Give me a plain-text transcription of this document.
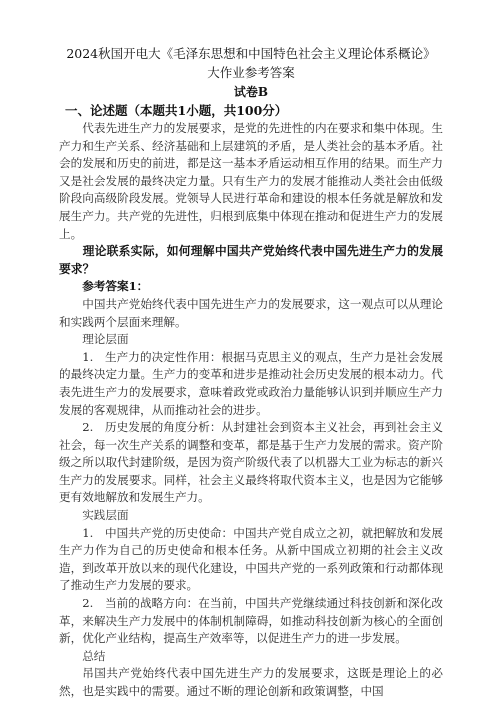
2024秋国开电大《毛泽东思想和中国特色社会主义理论体系概论》大作业参考答案
试卷B
一、论述题（本题共1小题，共100分）

代表先进生产力的发展要求，是党的先进性的内在要求和集中体现。生产力和生产关系、经济基础和上层建筑的矛盾，是人类社会的基本矛盾。社会的发展和历史的前进，都是这一基本矛盾运动相互作用的结果。而生产力又是社会发展的最终决定力量。只有生产力的发展才能推动人类社会由低级阶段向高级阶段发展。党领导人民进行革命和建设的根本任务就是解放和发展生产力。共产党的先进性，归根到底集中体现在推动和促进生产力的发展上。

理论联系实际，如何理解中国共产党始终代表中国先进生产力的发展要求？

参考答案1：

中国共产党始终代表中国先进生产力的发展要求，这一观点可以从理论和实践两个层面来理解。

理论层面

1.　生产力的决定性作用：根据马克思主义的观点，生产力是社会发展的最终决定力量。生产力的变革和进步是推动社会历史发展的根本动力。代表先进生产力的发展要求，意味着政党或政治力量能够认识到并顺应生产力发展的客观规律，从而推动社会的进步。

2.　历史发展的角度分析：从封建社会到资本主义社会，再到社会主义社会，每一次生产关系的调整和变革，都是基于生产力发展的需求。资产阶级之所以取代封建阶级，是因为资产阶级代表了以机器大工业为标志的新兴生产力的发展要求。同样，社会主义最终将取代资本主义，也是因为它能够更有效地解放和发展生产力。

实践层面

1.　中国共产党的历史使命：中国共产党自成立之初，就把解放和发展生产力作为自己的历史使命和根本任务。从新中国成立初期的社会主义改造，到改革开放以来的现代化建设，中国共产党的一系列政策和行动都体现了推动生产力发展的要求。

2.　当前的战略方向：在当前，中国共产党继续通过科技创新和深化改革，来解决生产力发展中的体制机制障碍，如推动科技创新为核心的全面创新，优化产业结构，提高生产效率等，以促进生产力的进一步发展。

总结

吊国共产党始终代表中国先进生产力的发展要求，这既是理论上的必然，也是实践中的需要。通过不断的理论创新和政策调整，中国
